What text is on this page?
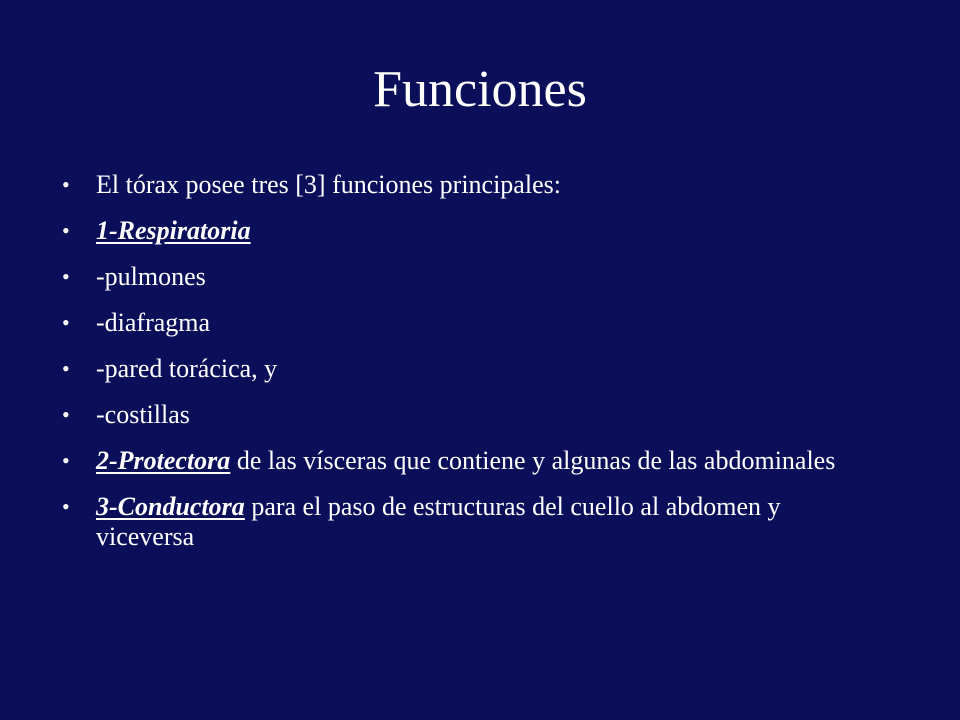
Funciones
• El tórax posee tres [3] funciones principales:
• 1-Respiratoria
• -pulmones
• -diafragma
• -pared torácica, y
• -costillas
• 2-Protectora de las vísceras que contiene y algunas de las abdominales
• 3-Conductora para el paso de estructuras del cuello al abdomen y viceversa
